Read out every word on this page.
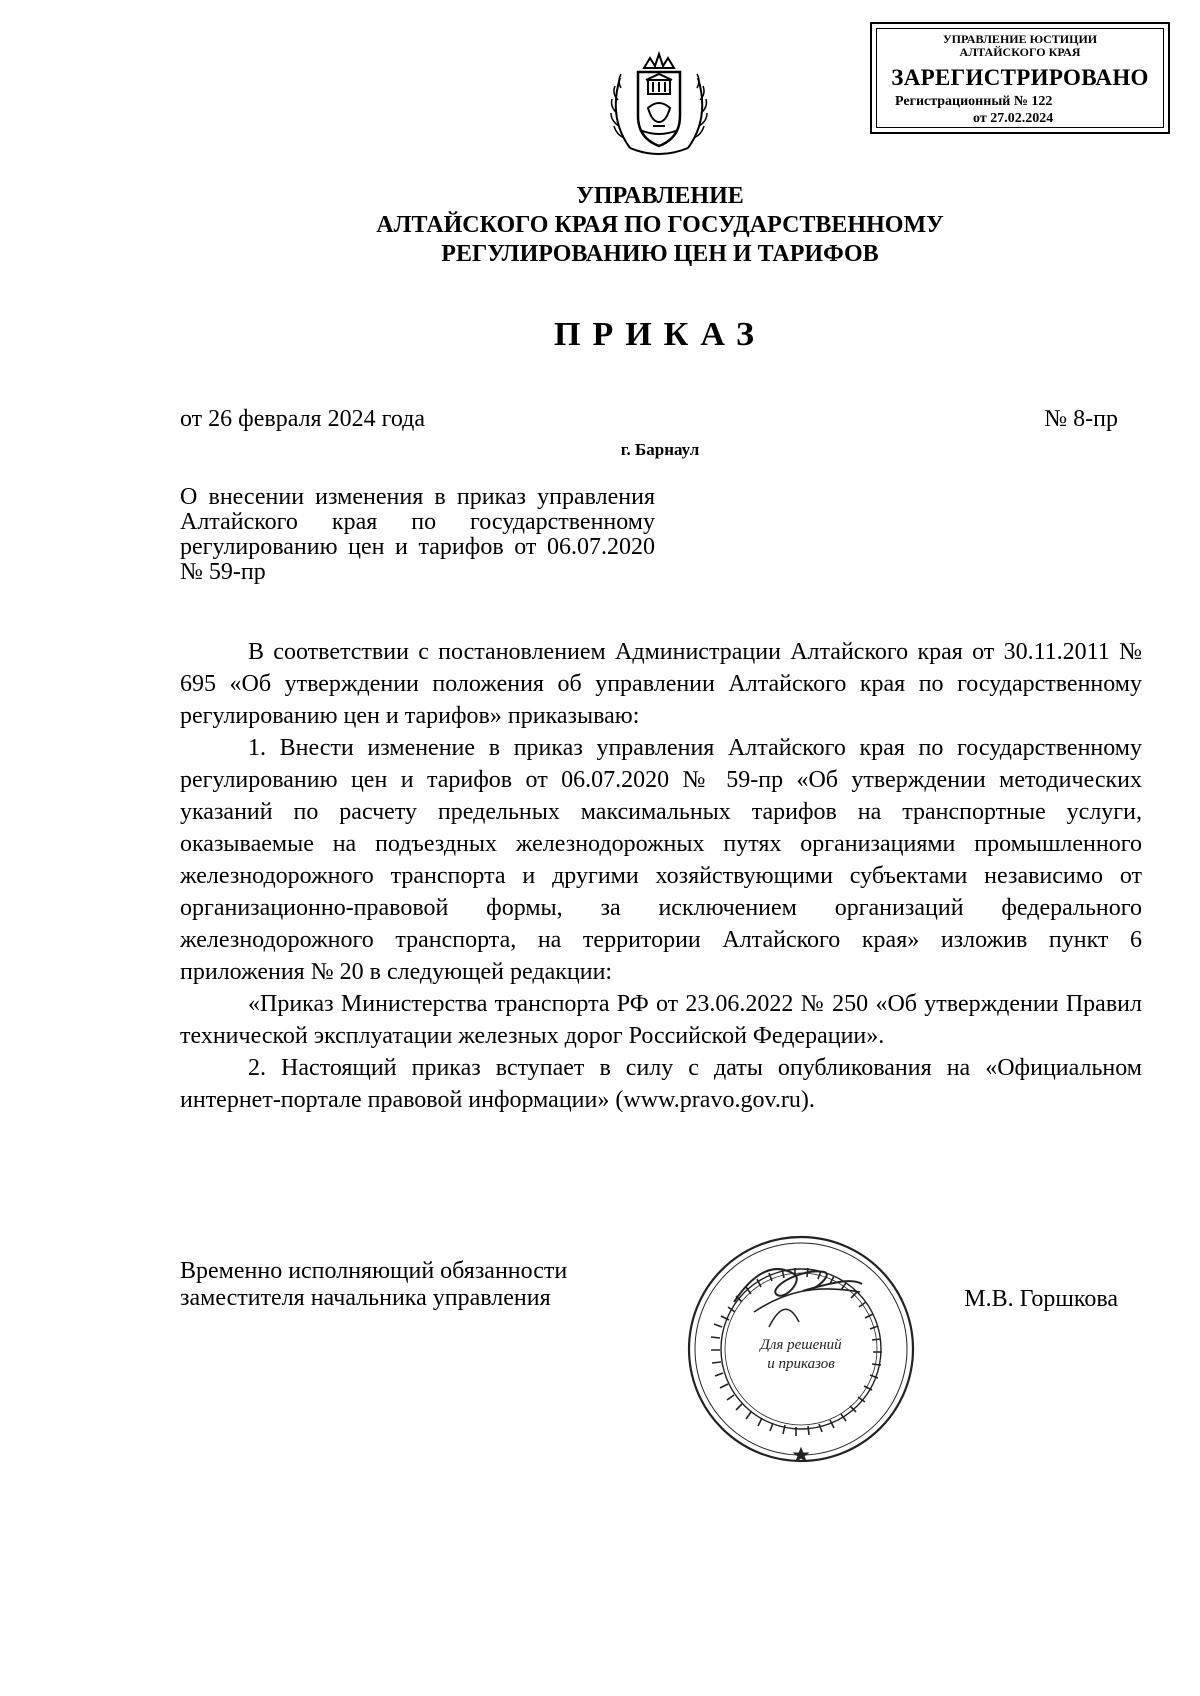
УПРАВЛЕНИЕ ЮСТИЦИИ
АЛТАЙСКОГО КРАЯ
ЗАРЕГИСТРИРОВАНО
Регистрационный № 122
от 27.02.2024
УПРАВЛЕНИЕ
АЛТАЙСКОГО КРАЯ ПО ГОСУДАРСТВЕННОМУ
РЕГУЛИРОВАНИЮ ЦЕН И ТАРИФОВ
ПРИКАЗ
от 26 февраля 2024 года	№ 8-пр
г. Барнаул
О внесении изменения в приказ управления Алтайского края по государственному регулированию цен и тарифов от 06.07.2020 № 59-пр

В соответствии с постановлением Администрации Алтайского края от 30.11.2011 № 695 «Об утверждении положения об управлении Алтайского края по государственному регулированию цен и тарифов» приказываю:

1. Внести изменение в приказ управления Алтайского края по государственному регулированию цен и тарифов от 06.07.2020 № 59-пр «Об утверждении методических указаний по расчету предельных максимальных тарифов на транспортные услуги, оказываемые на подъездных железнодорожных путях организациями промышленного железнодорожного транспорта и другими хозяйствующими субъектами независимо от организационно-правовой формы, за исключением организаций федерального железнодорожного транспорта, на территории Алтайского края» изложив пункт 6 приложения № 20 в следующей редакции:

«Приказ Министерства транспорта РФ от 23.06.2022 № 250 «Об утверждении Правил технической эксплуатации железных дорог Российской Федерации».

2. Настоящий приказ вступает в силу с даты опубликования на «Официальном интернет-портале правовой информации» (www.pravo.gov.ru).

Временно исполняющий обязанности
заместителя начальника управления	М.В. Горшкова
Для решений
и приказов
